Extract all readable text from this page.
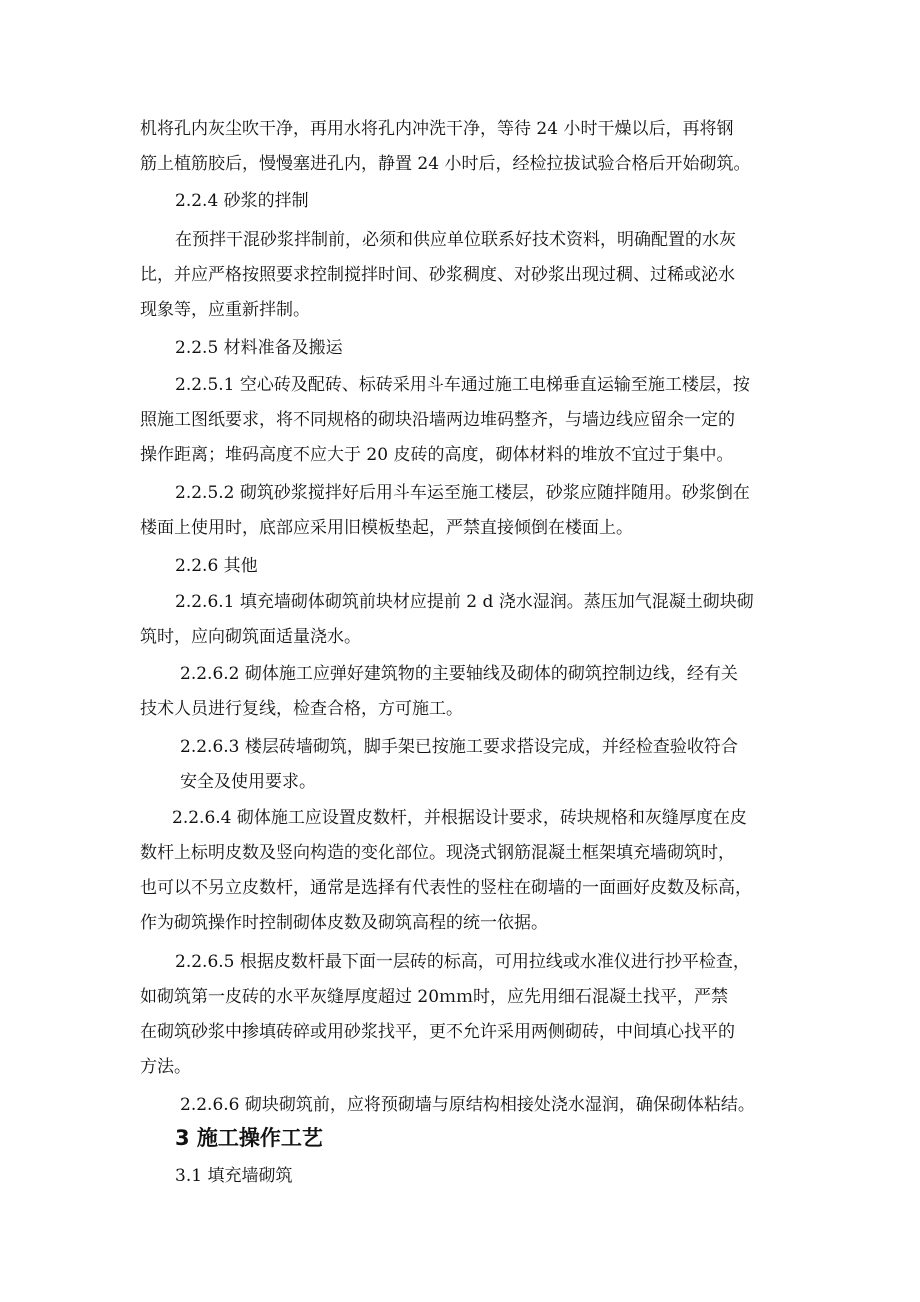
机将孔内灰尘吹干净，再用水将孔内冲洗干净，等待 24 小时干燥以后，再将钢

筋上植筋胶后，慢慢塞进孔内，静置 24 小时后，经检拉拔试验合格后开始砌筑。

2.2.4 砂浆的拌制

在预拌干混砂浆拌制前，必须和供应单位联系好技术资料，明确配置的水灰

比，并应严格按照要求控制搅拌时间、砂浆稠度、对砂浆出现过稠、过稀或泌水

现象等，应重新拌制。

2.2.5 材料准备及搬运

2.2.5.1 空心砖及配砖、标砖采用斗车通过施工电梯垂直运输至施工楼层，按

照施工图纸要求，将不同规格的砌块沿墙两边堆码整齐，与墙边线应留余一定的

操作距离；堆码高度不应大于 20 皮砖的高度，砌体材料的堆放不宜过于集中。

2.2.5.2 砌筑砂浆搅拌好后用斗车运至施工楼层，砂浆应随拌随用。砂浆倒在

楼面上使用时，底部应采用旧模板垫起，严禁直接倾倒在楼面上。

2.2.6 其他

2.2.6.1 填充墙砌体砌筑前块材应提前 2 d 浇水湿润。蒸压加气混凝土砌块砌

筑时，应向砌筑面适量浇水。

2.2.6.2 砌体施工应弹好建筑物的主要轴线及砌体的砌筑控制边线，经有关

技术人员进行复线，检查合格，方可施工。

2.2.6.3 楼层砖墙砌筑，脚手架已按施工要求搭设完成，并经检查验收符合

安全及使用要求。

2.2.6.4 砌体施工应设置皮数杆，并根据设计要求，砖块规格和灰缝厚度在皮

数杆上标明皮数及竖向构造的变化部位。现浇式钢筋混凝土框架填充墙砌筑时，

也可以不另立皮数杆，通常是选择有代表性的竖柱在砌墙的一面画好皮数及标高，

作为砌筑操作时控制砌体皮数及砌筑高程的统一依据。

2.2.6.5 根据皮数杆最下面一层砖的标高，可用拉线或水准仪进行抄平检查，

如砌筑第一皮砖的水平灰缝厚度超过 20ｍｍ时，应先用细石混凝土找平，严禁

在砌筑砂浆中掺填砖碎或用砂浆找平，更不允许采用两侧砌砖，中间填心找平的

方法。

2.2.6.6 砌块砌筑前，应将预砌墙与原结构相接处浇水湿润，确保砌体粘结。

3 施工操作工艺

3.1 填充墙砌筑
